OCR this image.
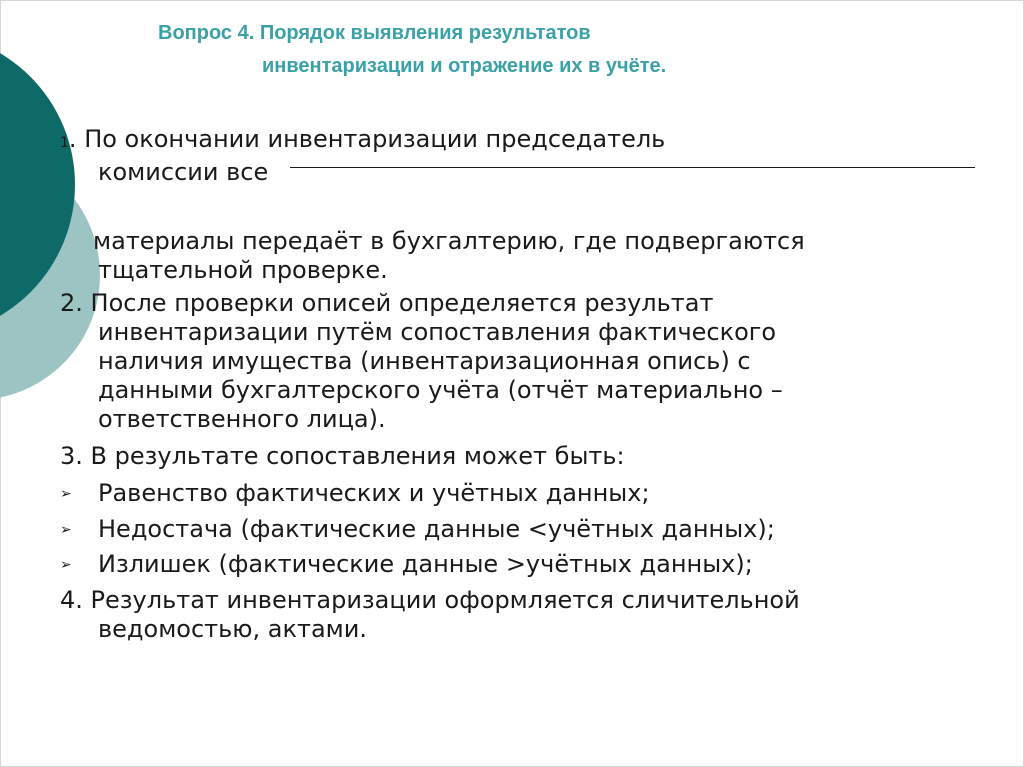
Вопрос 4. Порядок выявления результатов
инвентаризации и отражение их в учёте.
1. По окончании инвентаризации председатель
комиссии все
материалы передаёт в бухгалтерию, где подвергаются
тщательной проверке.
2. После проверки описей определяется результат
инвентаризации путём сопоставления фактического
наличия имущества (инвентаризационная опись) с
данными бухгалтерского учёта (отчёт материально –
ответственного лица).
3. В результате сопоставления может быть:
➢ Равенство фактических и учётных данных;
➢ Недостача (фактические данные <учётных данных);
➢ Излишек (фактические данные >учётных данных);
4. Результат инвентаризации оформляется сличительной
ведомостью, актами.
